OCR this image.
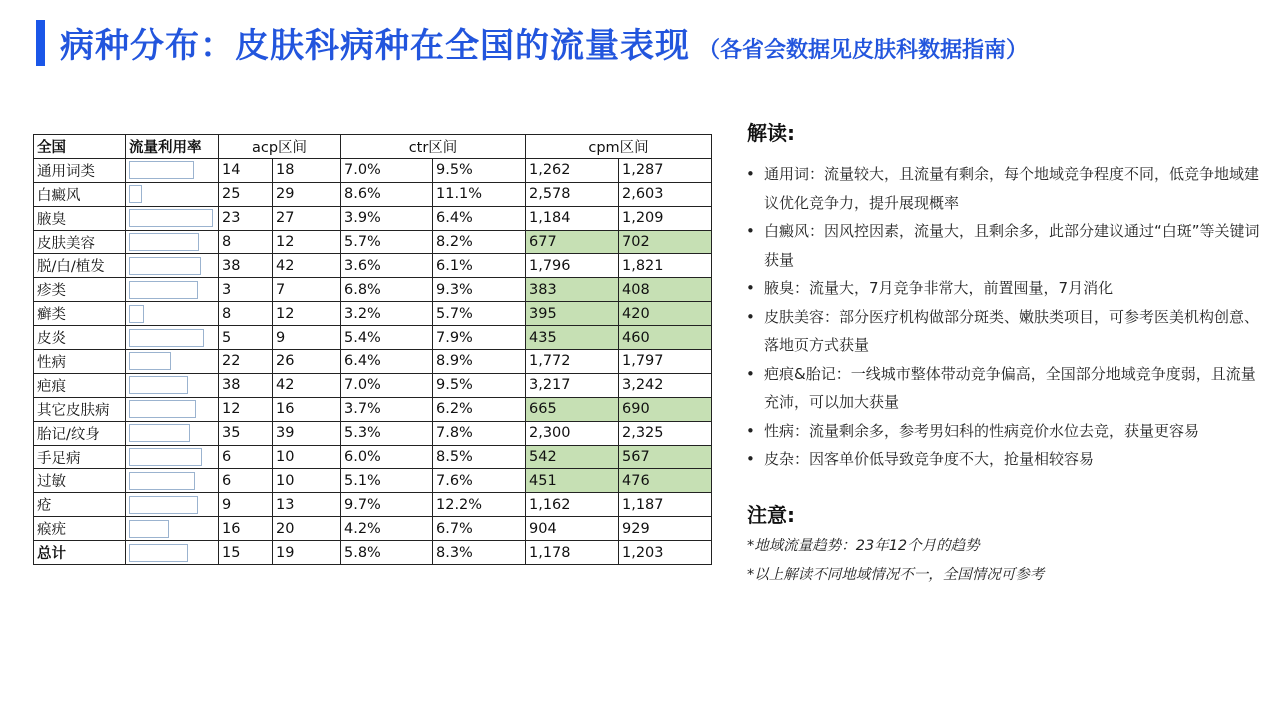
病种分布：皮肤科病种在全国的流量表现 （各省会数据见皮肤科数据指南）
全国	流量利用率	acp区间		ctr区间		cpm区间	
通用词类		14	18	7.0%	9.5%	1,262	1,287
白癜风		25	29	8.6%	11.1%	2,578	2,603
腋臭		23	27	3.9%	6.4%	1,184	1,209
皮肤美容		8	12	5.7%	8.2%	677	702
脱/白/植发		38	42	3.6%	6.1%	1,796	1,821
疹类		3	7	6.8%	9.3%	383	408
癣类		8	12	3.2%	5.7%	395	420
皮炎		5	9	5.4%	7.9%	435	460
性病		22	26	6.4%	8.9%	1,772	1,797
疤痕		38	42	7.0%	9.5%	3,217	3,242
其它皮肤病		12	16	3.7%	6.2%	665	690
胎记/纹身		35	39	5.3%	7.8%	2,300	2,325
手足病		6	10	6.0%	8.5%	542	567
过敏		6	10	5.1%	7.6%	451	476
疮		9	13	9.7%	12.2%	1,162	1,187
瘊疣		16	20	4.2%	6.7%	904	929
总计		15	19	5.8%	8.3%	1,178	1,203
解读:
• 通用词：流量较大，且流量有剩余，每个地域竞争程度不同，低竞争地域建议优化竞争力，提升展现概率
• 白癜风：因风控因素，流量大，且剩余多，此部分建议通过“白斑”等关键词获量
• 腋臭：流量大，7月竞争非常大，前置囤量，7月消化
• 皮肤美容：部分医疗机构做部分斑类、嫩肤类项目，可参考医美机构创意、落地页方式获量
• 疤痕&胎记：一线城市整体带动竞争偏高，全国部分地域竞争度弱，且流量充沛，可以加大获量
• 性病：流量剩余多，参考男妇科的性病竞价水位去竞，获量更容易
• 皮杂：因客单价低导致竞争度不大，抢量相较容易
注意:
*地域流量趋势：23年12个月的趋势
*以上解读不同地域情况不一，全国情况可参考
